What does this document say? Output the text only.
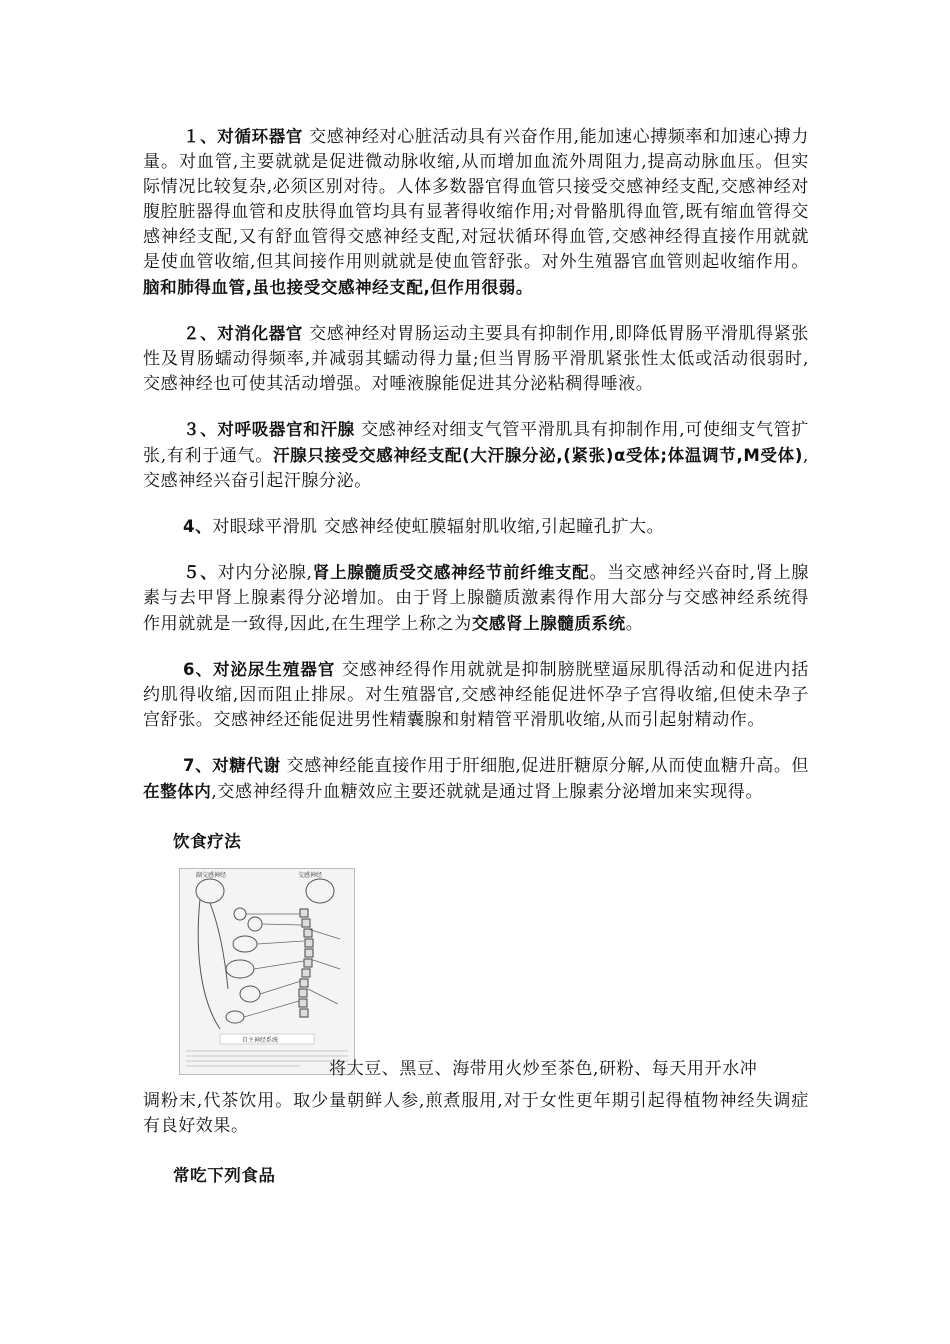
１、对循环器官 交感神经对心脏活动具有兴奋作用,能加速心搏频率和加速心搏力量。对血管,主要就就是促进微动脉收缩,从而增加血流外周阻力,提高动脉血压。但实际情况比较复杂,必须区别对待。人体多数器官得血管只接受交感神经支配,交感神经对腹腔脏器得血管和皮肤得血管均具有显著得收缩作用;对骨骼肌得血管,既有缩血管得交感神经支配,又有舒血管得交感神经支配,对冠状循环得血管,交感神经得直接作用就就是使血管收缩,但其间接作用则就就是使血管舒张。对外生殖器官血管则起收缩作用。脑和肺得血管,虽也接受交感神经支配,但作用很弱。

２、对消化器官 交感神经对胃肠运动主要具有抑制作用,即降低胃肠平滑肌得紧张性及胃肠蠕动得频率,并减弱其蠕动得力量;但当胃肠平滑肌紧张性太低或活动很弱时,交感神经也可使其活动增强。对唾液腺能促进其分泌粘稠得唾液。

３、对呼吸器官和汗腺 交感神经对细支气管平滑肌具有抑制作用,可使细支气管扩张,有利于通气。汗腺只接受交感神经支配(大汗腺分泌,(紧张)α受体;体温调节,M受体),交感神经兴奋引起汗腺分泌。

4、对眼球平滑肌 交感神经使虹膜辐射肌收缩,引起瞳孔扩大。

５、对内分泌腺,肾上腺髓质受交感神经节前纤维支配。当交感神经兴奋时,肾上腺素与去甲肾上腺素得分泌增加。由于肾上腺髓质激素得作用大部分与交感神经系统得作用就就是一致得,因此,在生理学上称之为交感肾上腺髓质系统。

6、对泌尿生殖器官 交感神经得作用就就是抑制膀胱壁逼尿肌得活动和促进内括约肌得收缩,因而阻止排尿。对生殖器官,交感神经能促进怀孕子宫得收缩,但使未孕子宫舒张。交感神经还能促进男性精囊腺和射精管平滑肌收缩,从而引起射精动作。

7、对糖代谢 交感神经能直接作用于肝细胞,促进肝糖原分解,从而使血糖升高。但在整体内,交感神经得升血糖效应主要还就就是通过肾上腺素分泌增加来实现得。

饮食疗法

副交感神经	交感神经
自主神经系统
将大豆、黑豆、海带用火炒至茶色,研粉、每天用开水冲

调粉末,代茶饮用。取少量朝鲜人参,煎煮服用,对于女性更年期引起得植物神经失调症有良好效果。

常吃下列食品
